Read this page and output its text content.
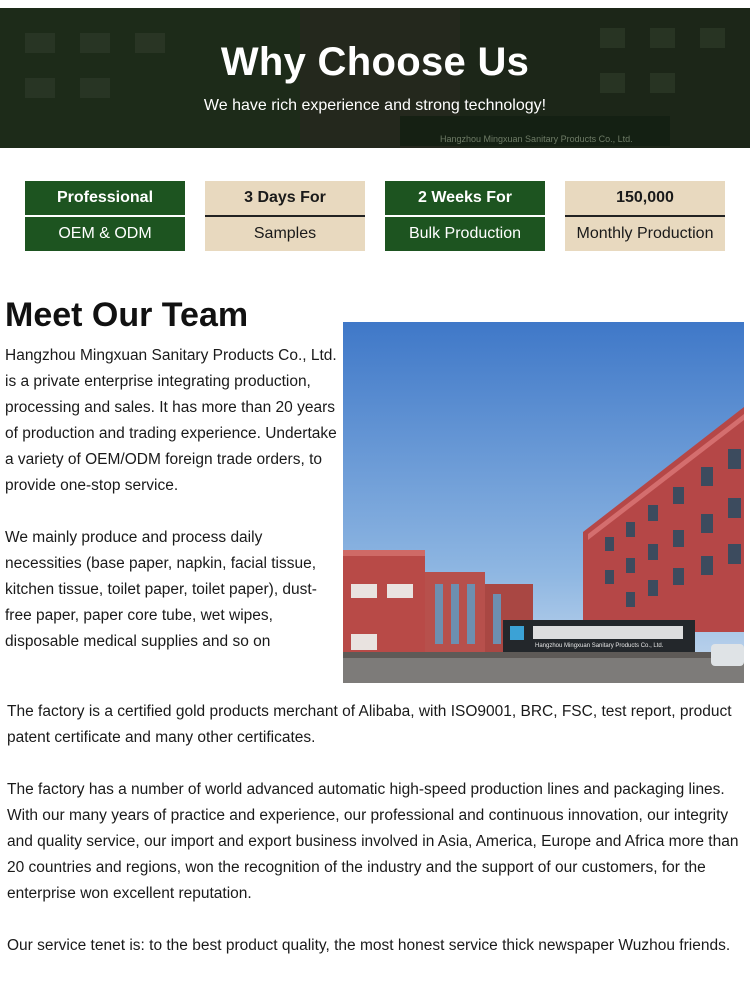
Why Choose Us

We have rich experience and strong technology!

Hangzhou Mingxuan Sanitary Products Co., Ltd.
Professional
OEM & ODM
3 Days For
Samples
2 Weeks For
Bulk Production
150,000
Monthly Production
Meet Our Team

Hangzhou Mingxuan Sanitary Products Co., Ltd. is a private enterprise integrating production, processing and sales. It has more than 20 years of production and trading experience. Undertake a variety of OEM/ODM foreign trade orders, to provide one-stop service.

We mainly produce and process daily necessities (base paper, napkin, facial tissue, kitchen tissue, toilet paper, toilet paper), dust-free paper, paper core tube, wet wipes, disposable medical supplies and so on	Hangzhou Mingxuan Sanitary Products Co., Ltd.

The factory is a certified gold products merchant of Alibaba, with ISO9001, BRC, FSC, test report, product patent certificate and many other certificates.

The factory has a number of world advanced automatic high-speed production lines and packaging lines. With our many years of practice and experience, our professional and continuous innovation, our integrity and quality service, our import and export business involved in Asia, America, Europe and Africa more than 20 countries and regions, won the recognition of the industry and the support of our customers, for the enterprise won excellent reputation.

Our service tenet is: to the best product quality, the most honest service thick newspaper Wuzhou friends.
